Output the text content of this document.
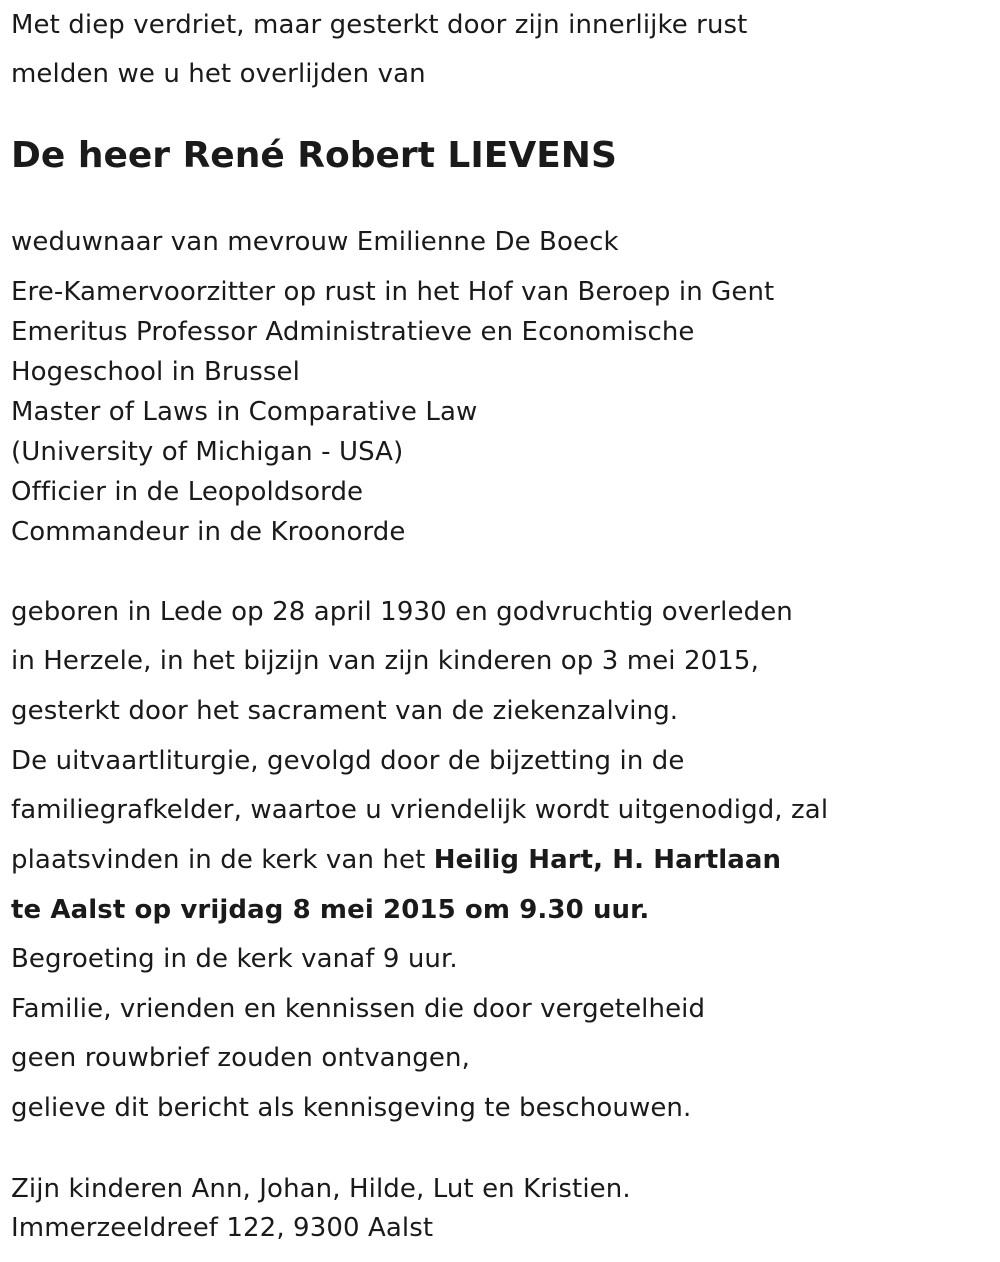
Met diep verdriet, maar gesterkt door zijn innerlijke rust
melden we u het overlijden van
De heer René Robert LIEVENS
weduwnaar van mevrouw Emilienne De Boeck
Ere-Kamervoorzitter op rust in het Hof van Beroep in Gent
Emeritus Professor Administratieve en Economische
Hogeschool in Brussel
Master of Laws in Comparative Law
(University of Michigan - USA)
Officier in de Leopoldsorde
Commandeur in de Kroonorde
geboren in Lede op 28 april 1930 en godvruchtig overleden
in Herzele, in het bijzijn van zijn kinderen op 3 mei 2015,
gesterkt door het sacrament van de ziekenzalving.
De uitvaartliturgie, gevolgd door de bijzetting in de
familiegrafkelder, waartoe u vriendelijk wordt uitgenodigd, zal
plaatsvinden in de kerk van het Heilig Hart, H. Hartlaan
te Aalst op vrijdag 8 mei 2015 om 9.30 uur.
Begroeting in de kerk vanaf 9 uur.
Familie, vrienden en kennissen die door vergetelheid
geen rouwbrief zouden ontvangen,
gelieve dit bericht als kennisgeving te beschouwen.
Zijn kinderen Ann, Johan, Hilde, Lut en Kristien.
Immerzeeldreef 122, 9300 Aalst
